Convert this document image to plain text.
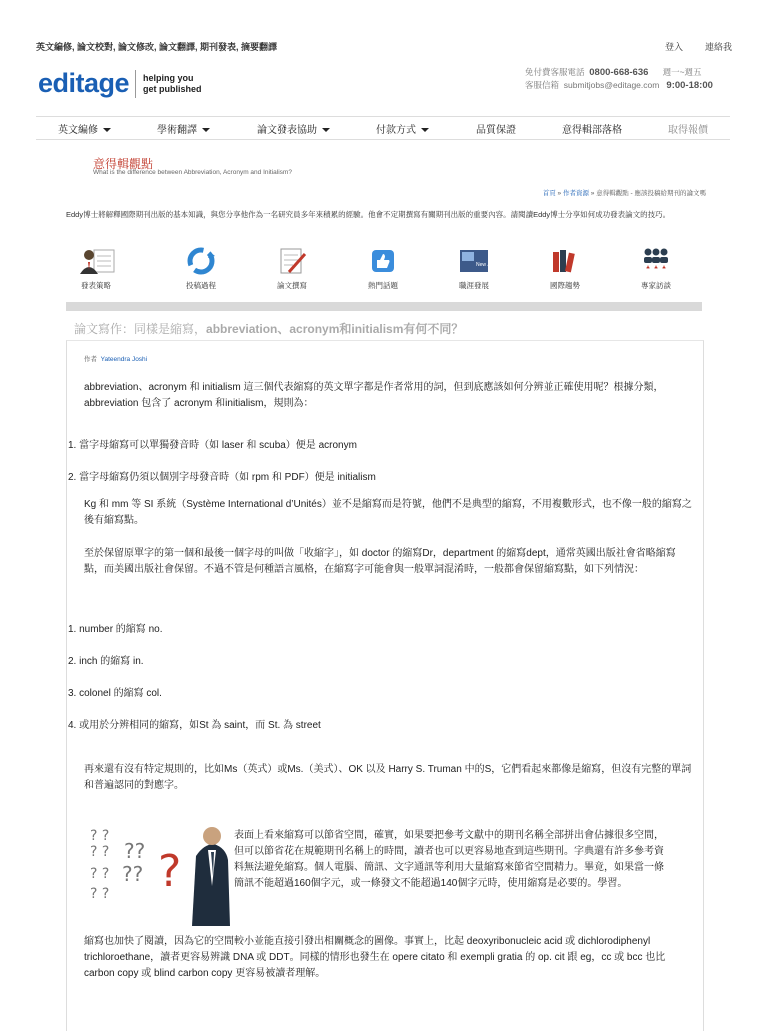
英文編修, 論文校對, 論文修改, 論文翻譯, 期刊發表, 摘要翻譯	登入 連絡我
editage helping you
get published
免付費客服電話 0800-668-636 週一~週五
客服信箱 submitjobs@editage.com 9:00-18:00
英文編修	學術翻譯	論文發表協助	付款方式	品質保證	意得輯部落格	取得報價
意得輯觀點
What is the difference between Abbreviation, Acronym and Initialism?
首頁 » 作者資源 » 意得輯觀點 - 應該投稿給期刊的論文嗎
Eddy博士將解釋國際期刊出版的基本知識，與您分享他作為一名研究員多年來積累的經驗。他會不定期撰寫有關期刊出版的重要內容。請閱讀Eddy博士分享如何成功發表論文的技巧。
發表策略	投稿過程	論文撰寫	熱門話題
New Jersey
職涯發展	國際趨勢	專家訪談
論文寫作：同樣是縮寫，abbreviation、acronym和initialism有何不同？
作者 Yateendra Joshi
abbreviation、acronym 和 initialism 這三個代表縮寫的英文單字都是作者常用的詞，但到底應該如何分辨並正確使用呢？根據分類，abbreviation 包含了 acronym 和initialism，規則為：
1. 當字母縮寫可以單獨發音時（如 laser 和 scuba）便是 acronym
2. 當字母縮寫仍須以個別字母發音時（如 rpm 和 PDF）便是 initialism
Kg 和 mm 等 SI 系統（Système International d’Unités）並不是縮寫而是符號，他們不是典型的縮寫，不用複數形式，也不像一般的縮寫之後有縮寫點。
至於保留原單字的第一個和最後一個字母的叫做「收縮字」，如 doctor 的縮寫Dr，department 的縮寫dept，通常英國出版社會省略縮寫點，而美國出版社會保留。不過不管是何種語言風格，在縮寫字可能會與一般單詞混淆時，一般都會保留縮寫點，如下列情況：
1. number 的縮寫 no.
2. inch 的縮寫 in.
3. colonel 的縮寫 col.
4. 或用於分辨相同的縮寫，如St 為 saint，而 St. 為 street
再來還有沒有特定規則的，比如Ms（英式）或Ms.（美式）、OK 以及 Harry S. Truman 中的S，它們看起來都像是縮寫，但沒有完整的單詞和普遍認同的對應字。
? ?
? ? ??
??
? ?
? ? ?
表面上看來縮寫可以節省空間，確實，如果要把參考文獻中的期刊名稱全部拼出會佔據很多空間，但可以節省花在規範期刊名稱上的時間，讀者也可以更容易地查到這些期刊。字典還有許多參考資料無法避免縮寫。個人電腦、簡訊、文字通訊等利用大量縮寫來節省空間精力。畢竟，如果當一條簡訊不能超過160個字元，或一條發文不能超過140個字元時，使用縮寫是必要的。學習。
縮寫也加快了閱讀，因為它的空間較小並能直接引發出相關概念的圖像。事實上，比起 deoxyribonucleic acid 或 dichlorodiphenyl trichloroethane，讀者更容易辨識 DNA 或 DDT。同樣的情形也發生在 opere citato 和 exempli gratia 的 op. cit 跟 eg，cc 或 bcc 也比 carbon copy 或 blind carbon copy 更容易被讀者理解。
